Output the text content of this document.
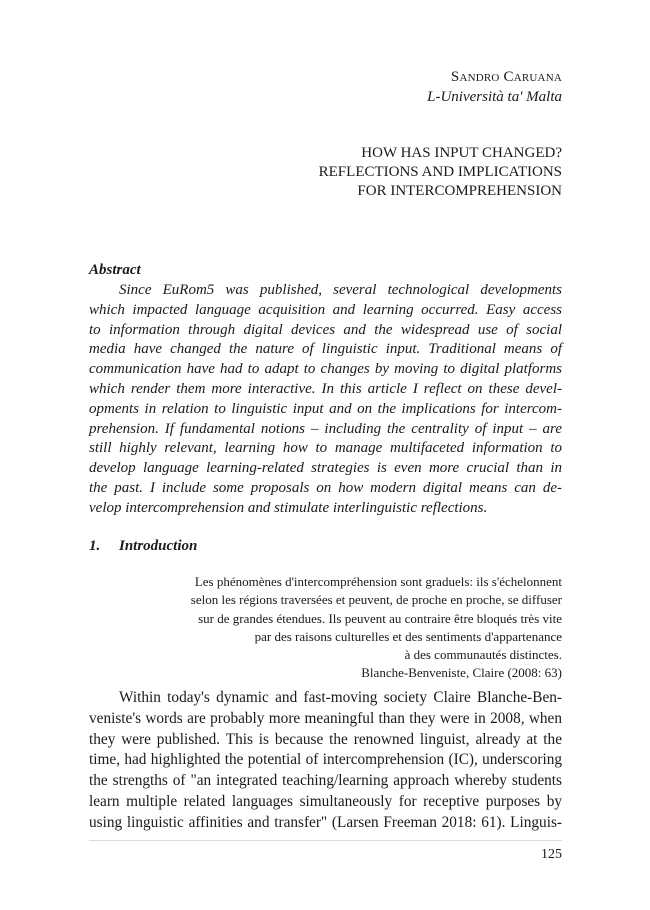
Sandro Caruana
L-Università ta' Malta
HOW HAS INPUT CHANGED?
REFLECTIONS AND IMPLICATIONS
FOR INTERCOMPREHENSION
Abstract
Since EuRom5 was published, several technological developments
which impacted language acquisition and learning occurred. Easy access
to information through digital devices and the widespread use of social
media have changed the nature of linguistic input. Traditional means of
communication have had to adapt to changes by moving to digital platforms
which render them more interactive. In this article I reflect on these devel-
opments in relation to linguistic input and on the implications for intercom-
prehension. If fundamental notions – including the centrality of input – are
still highly relevant, learning how to manage multifaceted information to
develop language learning-related strategies is even more crucial than in
the past. I include some proposals on how modern digital means can de-
velop intercomprehension and stimulate interlinguistic reflections.
1. Introduction
Les phénomènes d'intercompréhension sont graduels: ils s'échelonnent
selon les régions traversées et peuvent, de proche en proche, se diffuser
sur de grandes étendues. Ils peuvent au contraire être bloqués très vite
par des raisons culturelles et des sentiments d'appartenance
à des communautés distinctes.
Blanche-Benveniste, Claire (2008: 63)
Within today's dynamic and fast-moving society Claire Blanche-Ben-
veniste's words are probably more meaningful than they were in 2008, when
they were published. This is because the renowned linguist, already at the
time, had highlighted the potential of intercomprehension (IC), underscoring
the strengths of "an integrated teaching/learning approach whereby students
learn multiple related languages simultaneously for receptive purposes by
using linguistic affinities and transfer" (Larsen Freeman 2018: 61). Linguis-
125
